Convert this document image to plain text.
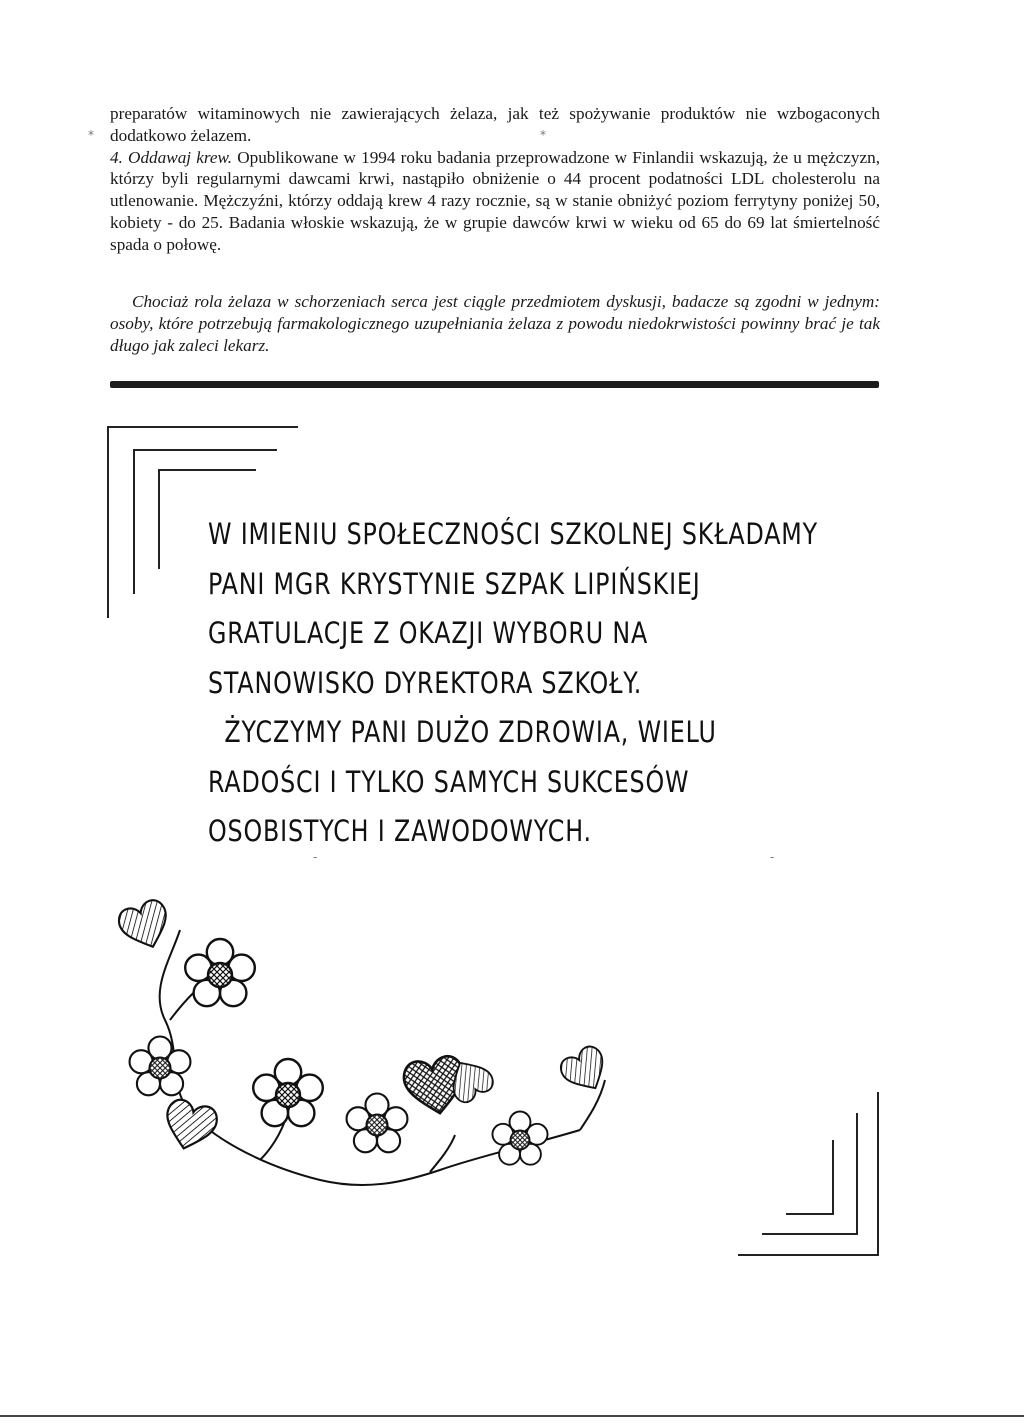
preparatów witaminowych nie zawierających żelaza, jak też spożywanie produktów nie wzbogaconych dodatkowo żelazem.

4. Oddawaj krew. Opublikowane w 1994 roku badania przeprowadzone w Finlandii wskazują, że u mężczyzn, którzy byli regularnymi dawcami krwi, nastąpiło obniżenie o 44 procent podatności LDL cholesterolu na utlenowanie. Mężczyźni, którzy oddają krew 4 razy rocznie, są w stanie obniżyć poziom ferrytyny poniżej 50, kobiety - do 25. Badania włoskie wskazują, że w grupie dawców krwi w wieku od 65 do 69 lat śmiertelność spada o połowę.

Chociaż rola żelaza w schorzeniach serca jest ciągle przedmiotem dyskusji, badacze są zgodni w jednym: osoby, które potrzebują farmakologicznego uzupełniania żelaza z powodu niedokrwistości powinny brać je tak długo jak zaleci lekarz.
W IMIENIU SPOŁECZNOŚCI SZKOLNEJ SKŁADAMY
PANI MGR KRYSTYNIE SZPAK LIPIŃSKIEJ
GRATULACJE Z OKAZJI WYBORU NA
STANOWISKO DYREKTORA SZKOŁY.
ŻYCZYMY PANI DUŻO ZDROWIA, WIELU
RADOŚCI I TYLKO SAMYCH SUKCESÓW
OSOBISTYCH I ZAWODOWYCH.
*	*
-	-
